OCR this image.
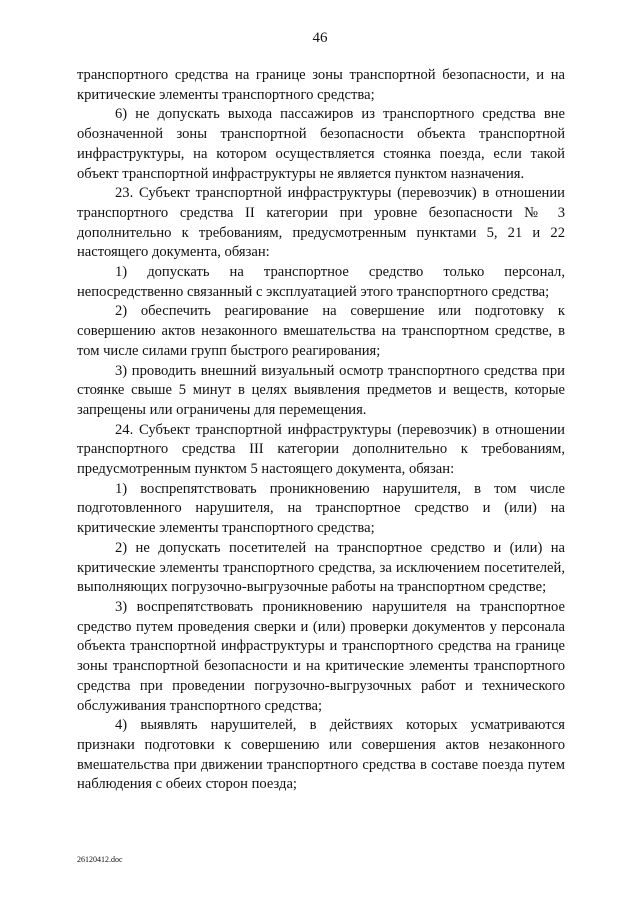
46

транспортного средства на границе зоны транспортной безопасности, и на критические элементы транспортного средства;

6) не допускать выхода пассажиров из транспортного средства вне обозначенной зоны транспортной безопасности объекта транспортной инфраструктуры, на котором осуществляется стоянка поезда, если такой объект транспортной инфраструктуры не является пунктом назначения.

23. Субъект транспортной инфраструктуры (перевозчик) в отношении транспортного средства II категории при уровне безопасности № 3 дополнительно к требованиям, предусмотренным пунктами 5, 21 и 22 настоящего документа, обязан:

1) допускать на транспортное средство только персонал, непосредственно связанный с эксплуатацией этого транспортного средства;

2) обеспечить реагирование на совершение или подготовку к совершению актов незаконного вмешательства на транспортном средстве, в том числе силами групп быстрого реагирования;

3) проводить внешний визуальный осмотр транспортного средства при стоянке свыше 5 минут в целях выявления предметов и веществ, которые запрещены или ограничены для перемещения.

24. Субъект транспортной инфраструктуры (перевозчик) в отношении транспортного средства III категории дополнительно к требованиям, предусмотренным пунктом 5 настоящего документа, обязан:

1) воспрепятствовать проникновению нарушителя, в том числе подготовленного нарушителя, на транспортное средство и (или) на критические элементы транспортного средства;

2) не допускать посетителей на транспортное средство и (или) на критические элементы транспортного средства, за исключением посетителей, выполняющих погрузочно-выгрузочные работы на транспортном средстве;

3) воспрепятствовать проникновению нарушителя на транспортное средство путем проведения сверки и (или) проверки документов у персонала объекта транспортной инфраструктуры и транспортного средства на границе зоны транспортной безопасности и на критические элементы транспортного средства при проведении погрузочно-выгрузочных работ и технического обслуживания транспортного средства;

4) выявлять нарушителей, в действиях которых усматриваются признаки подготовки к совершению или совершения актов незаконного вмешательства при движении транспортного средства в составе поезда путем наблюдения с обеих сторон поезда;

26120412.doc
